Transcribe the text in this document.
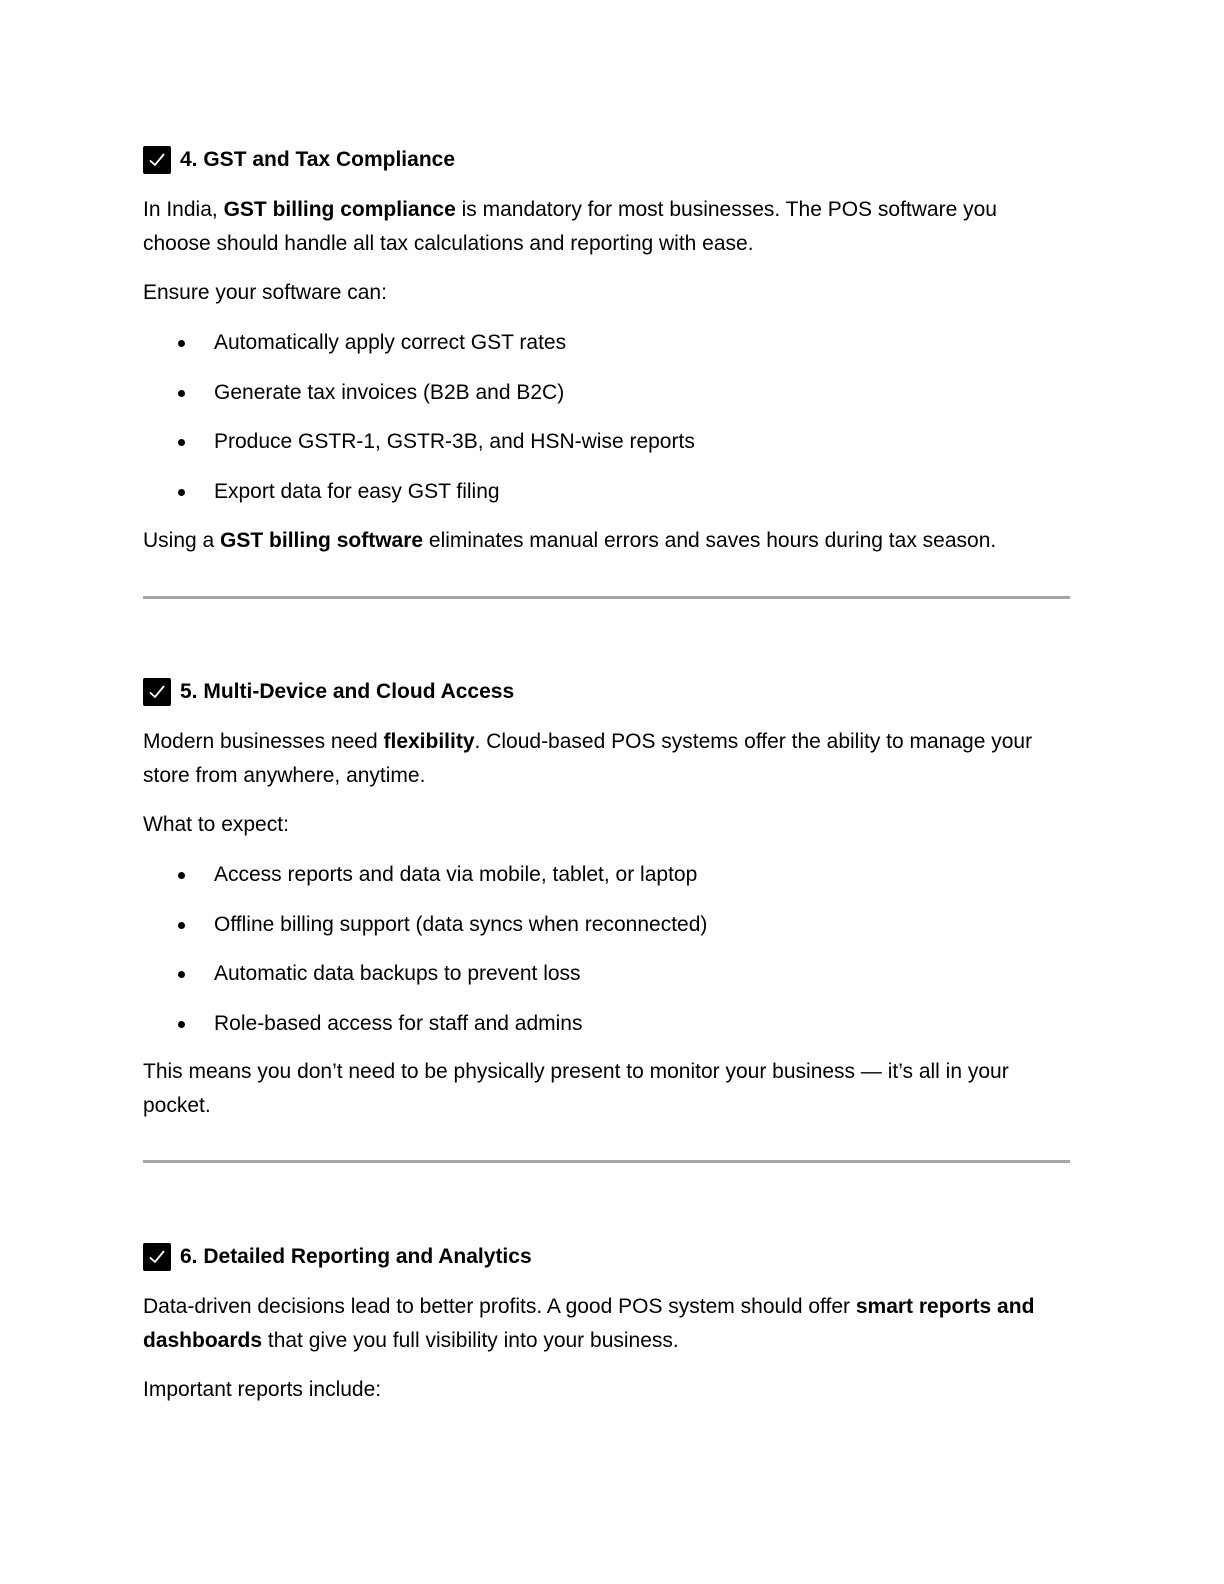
4. GST and Tax Compliance

In India, GST billing compliance is mandatory for most businesses. The POS software you choose should handle all tax calculations and reporting with ease.

Ensure your software can:

Automatically apply correct GST rates
Generate tax invoices (B2B and B2C)
Produce GSTR-1, GSTR-3B, and HSN-wise reports
Export data for easy GST filing

Using a GST billing software eliminates manual errors and saves hours during tax season.

5. Multi-Device and Cloud Access

Modern businesses need flexibility. Cloud-based POS systems offer the ability to manage your store from anywhere, anytime.

What to expect:

Access reports and data via mobile, tablet, or laptop
Offline billing support (data syncs when reconnected)
Automatic data backups to prevent loss
Role-based access for staff and admins

This means you don’t need to be physically present to monitor your business — it’s all in your pocket.

6. Detailed Reporting and Analytics

Data-driven decisions lead to better profits. A good POS system should offer smart reports and dashboards that give you full visibility into your business.

Important reports include:
